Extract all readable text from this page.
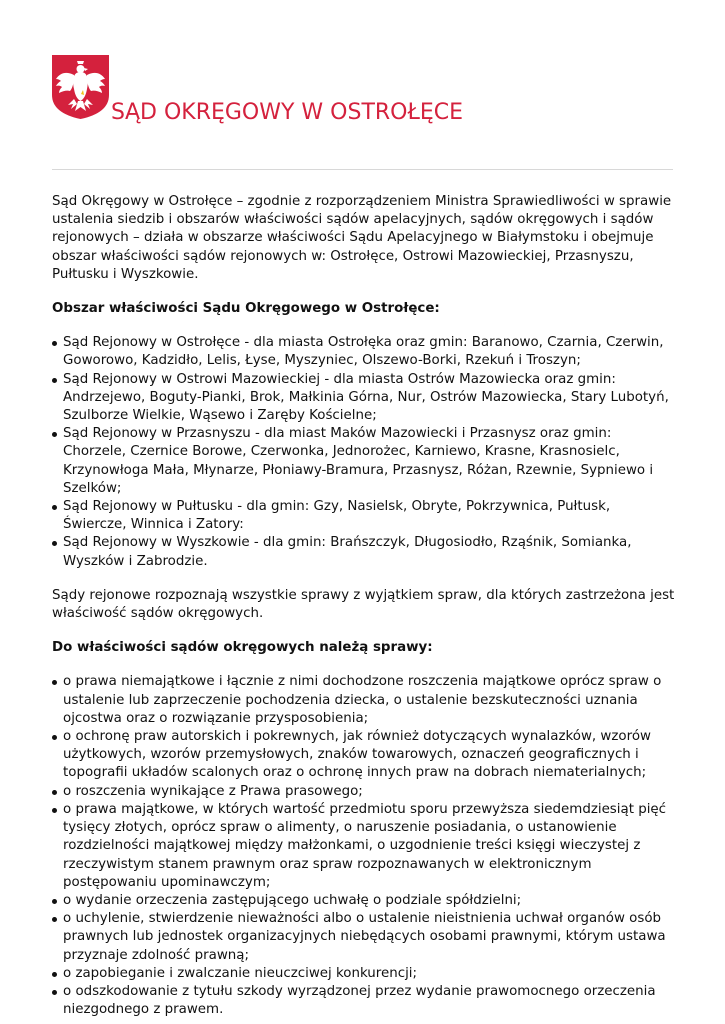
SĄD OKRĘGOWY W OSTROŁĘCE

Sąd Okręgowy w Ostrołęce – zgodnie z rozporządzeniem Ministra Sprawiedliwości w sprawie ustalenia siedzib i obszarów właściwości sądów apelacyjnych, sądów okręgowych i sądów rejonowych – działa w obszarze właściwości Sądu Apelacyjnego w Białymstoku i obejmuje obszar właściwości sądów rejonowych w: Ostrołęce, Ostrowi Mazowieckiej, Przasnyszu, Pułtusku i Wyszkowie.

Obszar właściwości Sądu Okręgowego w Ostrołęce:

Sąd Rejonowy w Ostrołęce - dla miasta Ostrołęka oraz gmin: Baranowo, Czarnia, Czerwin, Goworowo, Kadzidło, Lelis, Łyse, Myszyniec, Olszewo-Borki, Rzekuń i Troszyn;
Sąd Rejonowy w Ostrowi Mazowieckiej - dla miasta Ostrów Mazowiecka oraz gmin: Andrzejewo, Boguty-Pianki, Brok, Małkinia Górna, Nur, Ostrów Mazowiecka, Stary Lubotyń, Szulborze Wielkie, Wąsewo i Zaręby Kościelne;
Sąd Rejonowy w Przasnyszu - dla miast Maków Mazowiecki i Przasnysz oraz gmin: Chorzele, Czernice Borowe, Czerwonka, Jednorożec, Karniewo, Krasne, Krasnosielc, Krzynowłoga Mała, Młynarze, Płoniawy-Bramura, Przasnysz, Różan, Rzewnie, Sypniewo i Szelków;
Sąd Rejonowy w Pułtusku - dla gmin: Gzy, Nasielsk, Obryte, Pokrzywnica, Pułtusk, Świercze, Winnica i Zatory:
Sąd Rejonowy w Wyszkowie - dla gmin: Brańszczyk, Długosiodło, Rząśnik, Somianka, Wyszków i Zabrodzie.

Sądy rejonowe rozpoznają wszystkie sprawy z wyjątkiem spraw, dla których zastrzeżona jest właściwość sądów okręgowych.

Do właściwości sądów okręgowych należą sprawy:

o prawa niemajątkowe i łącznie z nimi dochodzone roszczenia majątkowe oprócz spraw o ustalenie lub zaprzeczenie pochodzenia dziecka, o ustalenie bezskuteczności uznania ojcostwa oraz o rozwiązanie przysposobienia;
o ochronę praw autorskich i pokrewnych, jak również dotyczących wynalazków, wzorów użytkowych, wzorów przemysłowych, znaków towarowych, oznaczeń geograficznych i topografii układów scalonych oraz o ochronę innych praw na dobrach niematerialnych;
o roszczenia wynikające z Prawa prasowego;
o prawa majątkowe, w których wartość przedmiotu sporu przewyższa siedemdziesiąt pięć tysięcy złotych, oprócz spraw o alimenty, o naruszenie posiadania, o ustanowienie rozdzielności majątkowej między małżonkami, o uzgodnienie treści księgi wieczystej z rzeczywistym stanem prawnym oraz spraw rozpoznawanych w elektronicznym postępowaniu upominawczym;
o wydanie orzeczenia zastępującego uchwałę o podziale spółdzielni;
o uchylenie, stwierdzenie nieważności albo o ustalenie nieistnienia uchwał organów osób prawnych lub jednostek organizacyjnych niebędących osobami prawnymi, którym ustawa przyznaje zdolność prawną;
o zapobieganie i zwalczanie nieuczciwej konkurencji;
o odszkodowanie z tytułu szkody wyrządzonej przez wydanie prawomocnego orzeczenia niezgodnego z prawem.
